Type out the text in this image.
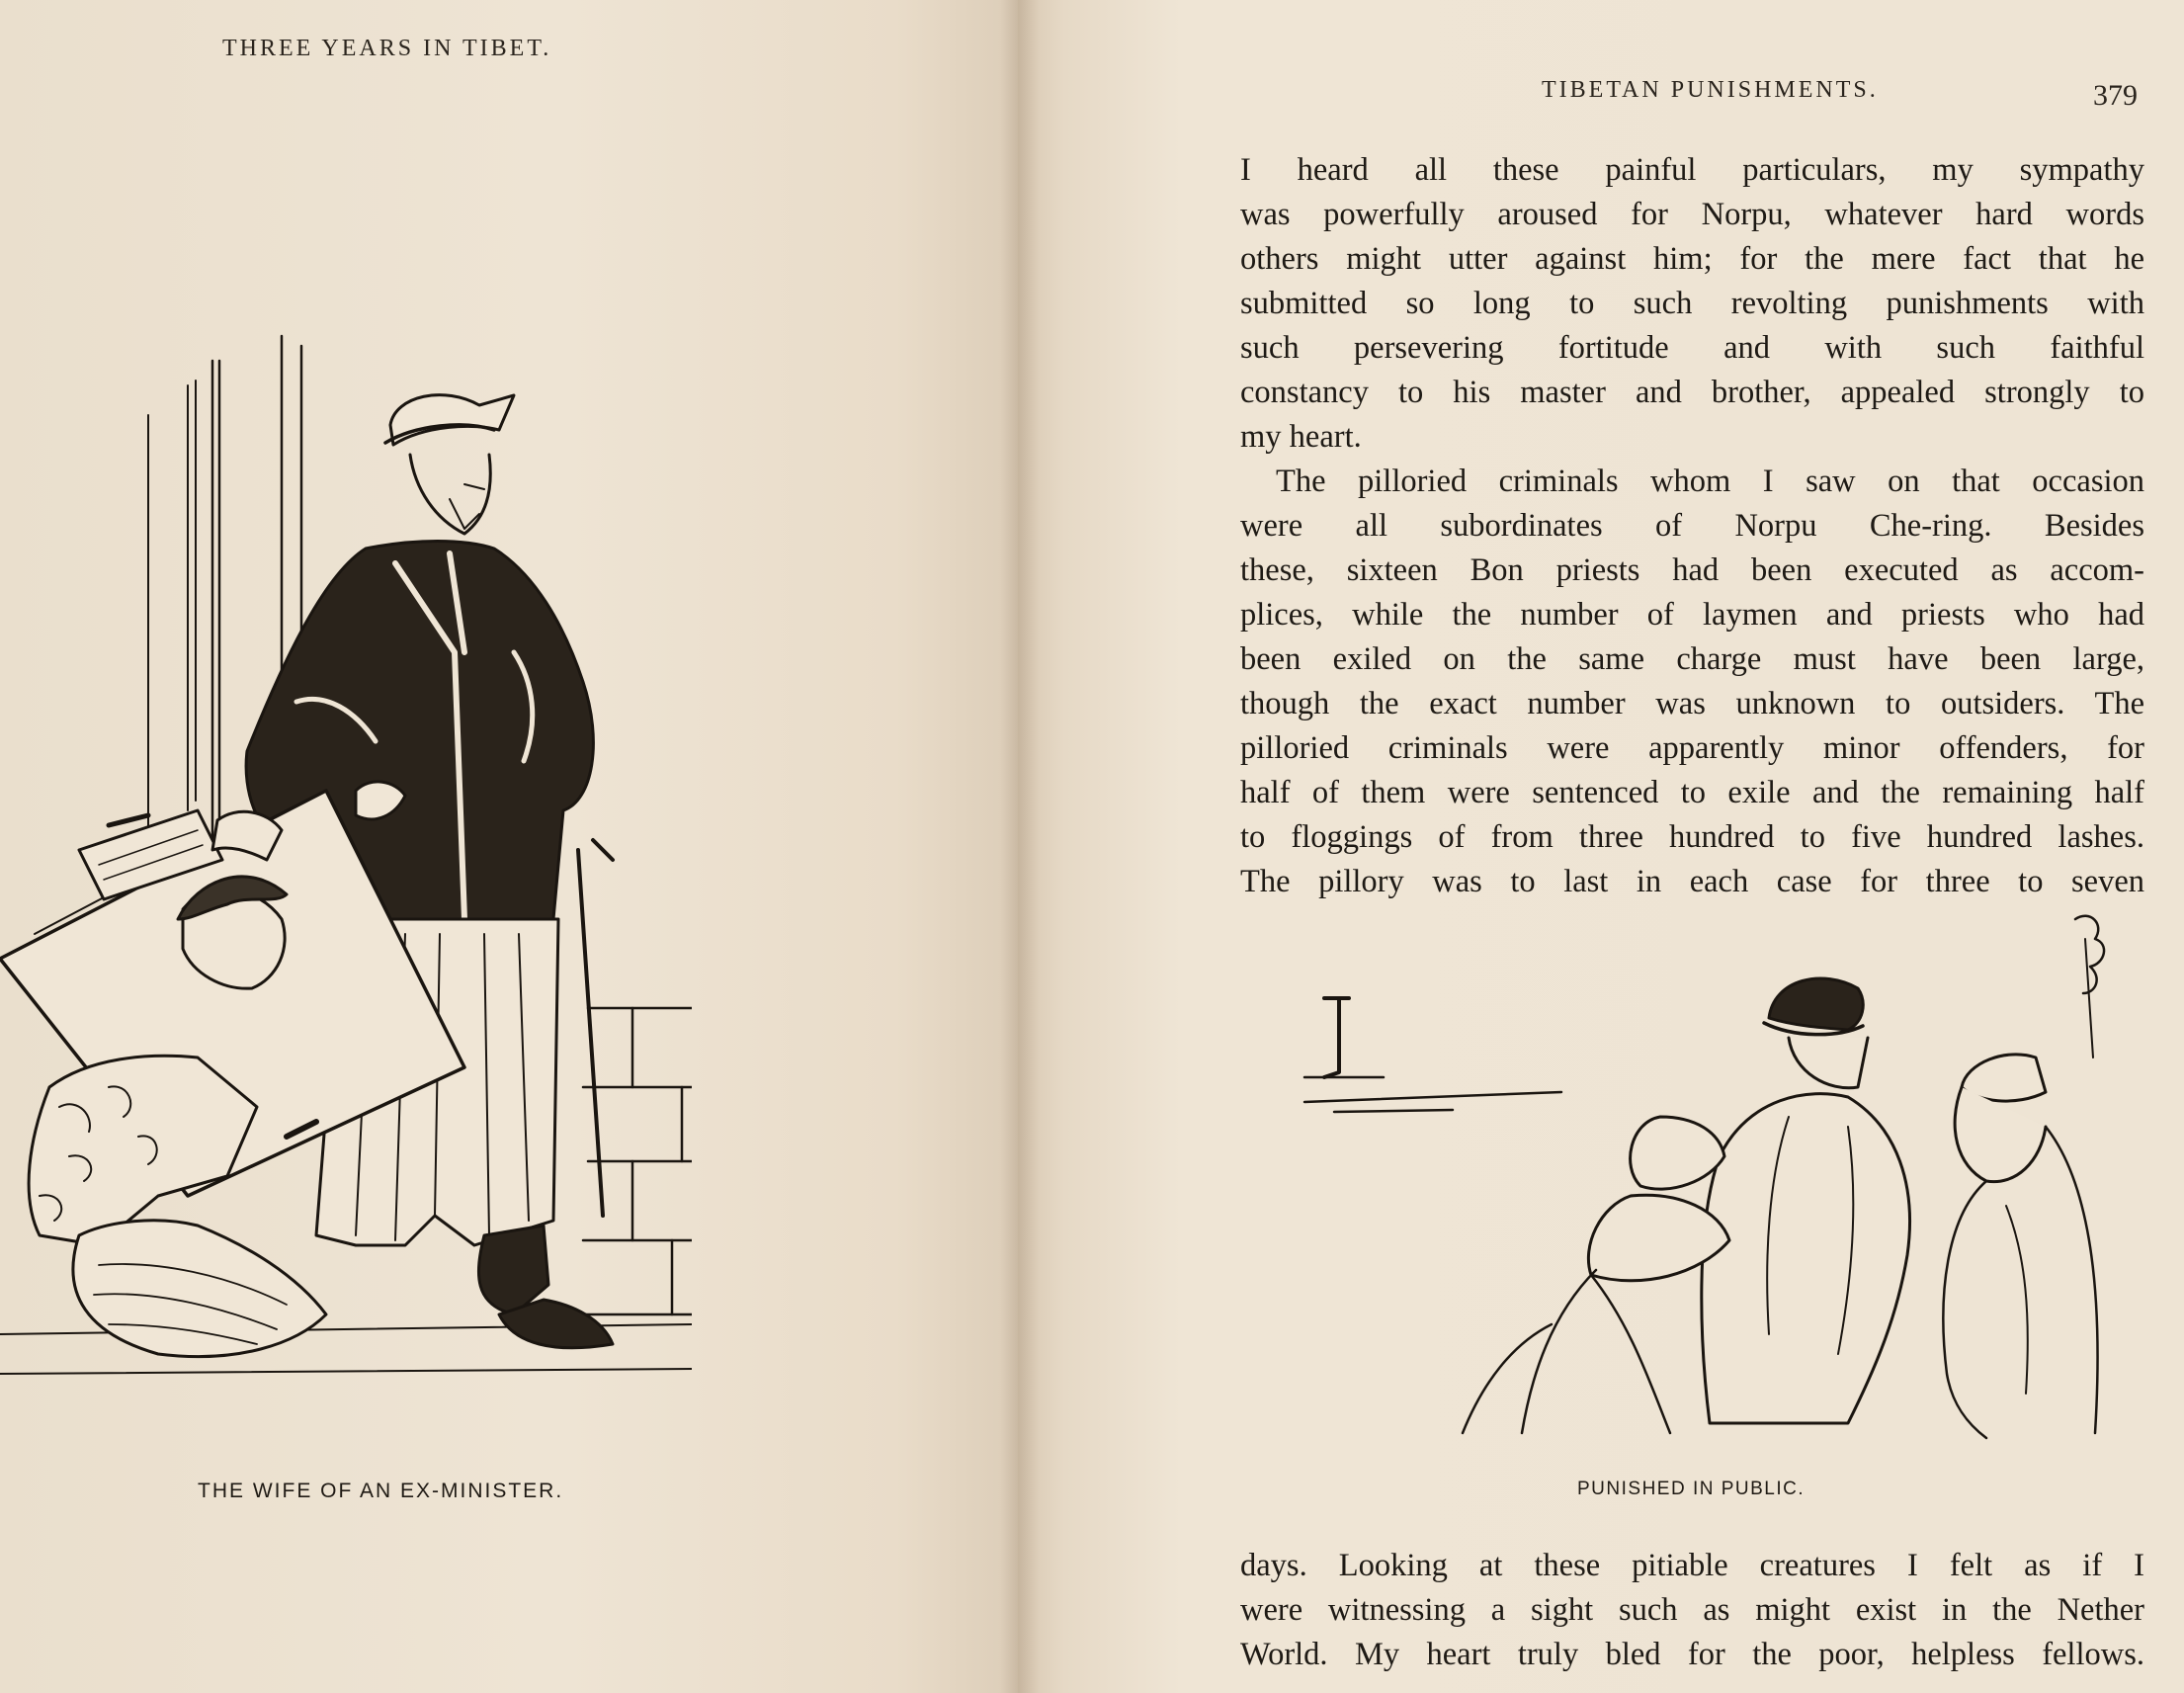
THREE YEARS IN TIBET.
THE WIFE OF AN EX-MINISTER.
TIBETAN PUNISHMENTS.	379
I heard all these painful particulars, my sympathy
was powerfully aroused for Norpu, whatever hard words
others might utter against him; for the mere fact that he
submitted so long to such revolting punishments with
such persevering fortitude and with such faithful
constancy to his master and brother, appealed strongly to
my heart.
The pilloried criminals whom I saw on that occasion
were all subordinates of Norpu Che-ring. Besides
these, sixteen Bon priests had been executed as accom-
plices, while the number of laymen and priests who had
been exiled on the same charge must have been large,
though the exact number was unknown to outsiders. The
pilloried criminals were apparently minor offenders, for
half of them were sentenced to exile and the remaining half
to floggings of from three hundred to five hundred lashes.
The pillory was to last in each case for three to seven
PUNISHED IN PUBLIC.
days. Looking at these pitiable creatures I felt as if I
were witnessing a sight such as might exist in the Nether
World. My heart truly bled for the poor, helpless fellows.
